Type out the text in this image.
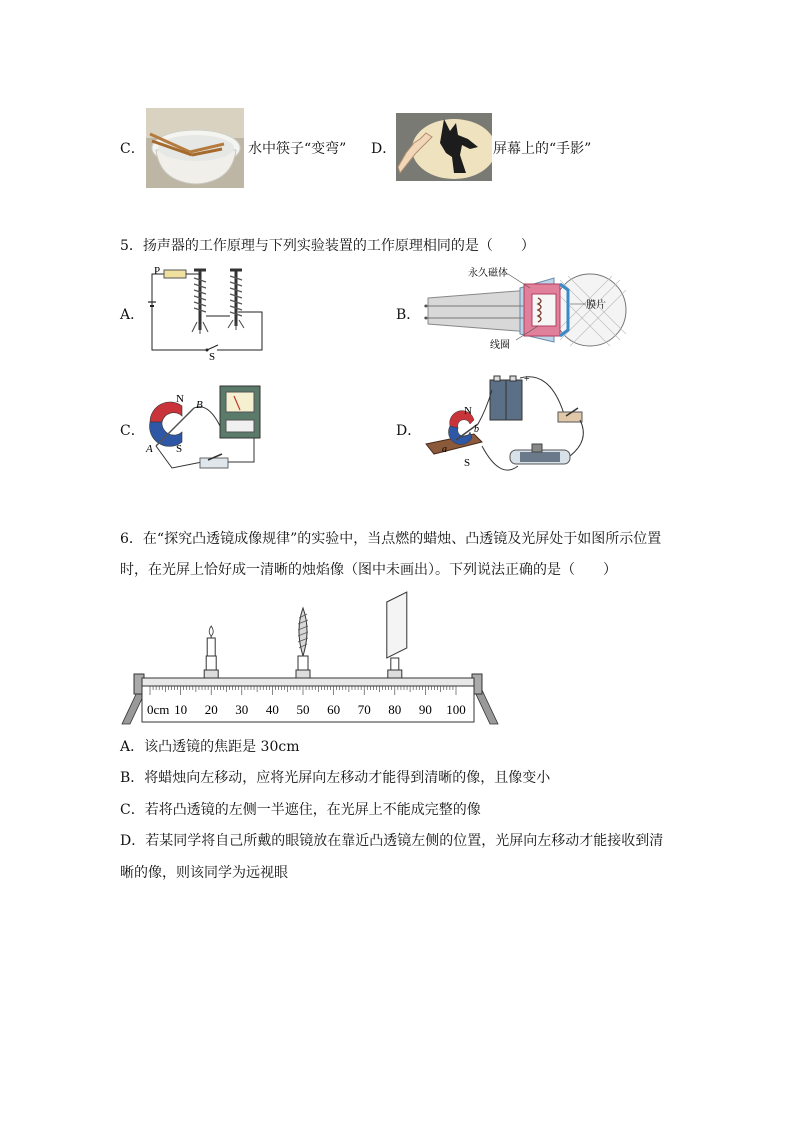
C．	水中筷子“变弯” D．	屏幕上的“手影”
5．扬声器的工作原理与下列实验装置的工作原理相同的是（　　）
A．
P
S
B．
永久磁体
膜片
线圈
C．
N
S
A
B
D．
+
N
S
a
b
6．在“探究凸透镜成像规律”的实验中，当点燃的蜡烛、凸透镜及光屏处于如图所示位置
时，在光屏上恰好成一清晰的烛焰像（图中未画出）。下列说法正确的是（　　）
0cm 10 20 30 40 50 60 70 80 90 100
A．该凸透镜的焦距是 30cm
B．将蜡烛向左移动，应将光屏向左移动才能得到清晰的像，且像变小
C．若将凸透镜的左侧一半遮住，在光屏上不能成完整的像
D．若某同学将自己所戴的眼镜放在靠近凸透镜左侧的位置，光屏向左移动才能接收到清
晰的像，则该同学为远视眼
